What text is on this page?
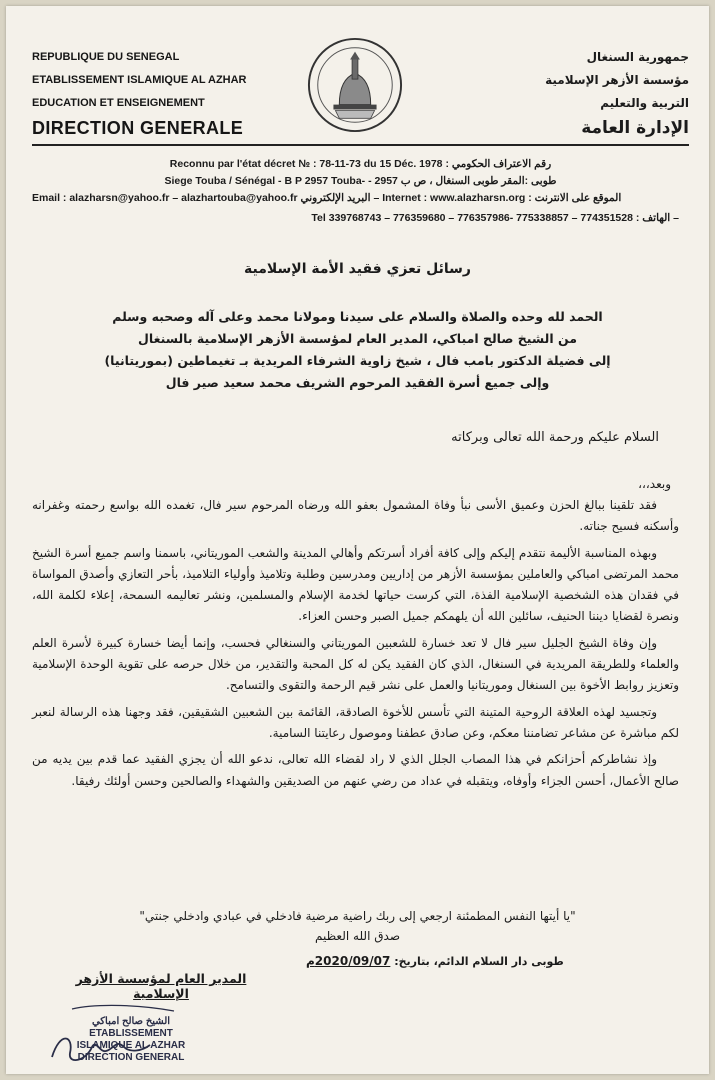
REPUBLIQUE DU SENEGAL
ETABLISSEMENT ISLAMIQUE AL AZHAR
EDUCATION ET ENSEIGNEMENT
DIRECTION GENERALE
جمهورية السنغال
مؤسسة الأزهر الإسلامية
التربية والتعليم
الإدارة العامة
Reconnu par l'état décret № : 78-11-73 du 15 Déc. 1978 : رقم الاعتراف الحكومي
Siege Touba / Sénégal - B P 2957 Touba- - 2957 طوبى :المقر طوبى السنغال ، ص ب
Email : alazharsn@yahoo.fr – alazhartouba@yahoo.fr البريد الإلكتروني – Internet : www.alazharsn.org : الموقع على الانترنت
Tel 339768743 – 776359680 – 776357986- 775338857 – 774351528 : الهاتف –
رسائل تعزي فقيد الأمة الإسلامية
الحمد لله وحده والصلاة والسلام على سيدنا ومولانا محمد وعلى آله وصحبه وسلم
من الشيخ صالح امباكي، المدير العام لمؤسسة الأزهر الإسلامية بالسنغال
إلى فضيلة الدكتور بامب فال ، شيخ زاوية الشرفاء المريدية بـ تغيماطين (بموريتانيا)
وإلى جميع أسرة الفقيد المرحوم الشريف محمد سعيد صير فال
السلام عليكم ورحمة الله تعالى وبركاته
وبعد،،،

فقد تلقينا ببالغ الحزن وعميق الأسى نبأ وفاة المشمول بعفو الله ورضاه المرحوم سير فال، تغمده الله بواسع رحمته وغفرانه وأسكنه فسيح جناته.

وبهذه المناسبة الأليمة نتقدم إليكم وإلى كافة أفراد أسرتكم وأهالي المدينة والشعب الموريتاني، باسمنا واسم جميع أسرة الشيخ محمد المرتضى امباكي والعاملين بمؤسسة الأزهر من إداريين ومدرسين وطلبة وتلاميذ وأولياء التلاميذ، بأحر التعازي وأصدق المواساة في فقدان هذه الشخصية الإسلامية الفذة، التي كرست حياتها لخدمة الإسلام والمسلمين، ونشر تعاليمه السمحة، إعلاء لكلمة الله، ونصرة لقضايا ديننا الحنيف، سائلين الله أن يلهمكم جميل الصبر وحسن العزاء.

وإن وفاة الشيخ الجليل سير فال لا تعد خسارة للشعبين الموريتاني والسنغالي فحسب، وإنما أيضا خسارة كبيرة لأسرة العلم والعلماء وللطريقة المريدية في السنغال، الذي كان الفقيد يكن له كل المحبة والتقدير، من خلال حرصه على تقوية الوحدة الإسلامية وتعزيز روابط الأخوة بين السنغال وموريتانيا والعمل على نشر قيم الرحمة والتقوى والتسامح.

وتجسيد لهذه العلاقة الروحية المتينة التي تأسس للأخوة الصادقة، القائمة بين الشعبين الشقيقين، فقد وجهنا هذه الرسالة لنعبر لكم مباشرة عن مشاعر تضامننا معكم، وعن صادق عطفنا وموصول رعايتنا السامية.

وإذ نشاطركم أحزانكم في هذا المصاب الجلل الذي لا راد لقضاء الله تعالى، ندعو الله أن يجزي الفقيد عما قدم بين يديه من صالح الأعمال، أحسن الجزاء وأوفاه، ويتقبله في عداد من رضي عنهم من الصديقين والشهداء والصالحين وحسن أولئك رفيقا.

"يا أيتها النفس المطمئنة ارجعي إلى ربك راضية مرضية فادخلي في عبادي وادخلي جنتي"
صدق الله العظيم
طوبى دار السلام الدائم، بتاريخ: 2020/09/07م
المدير العام لمؤسسة الأزهر الإسلامية
الشيخ صالح امباكي
ETABLISSEMENT
ISLAMIQUE AL AZHAR
DIRECTION GENERAL
